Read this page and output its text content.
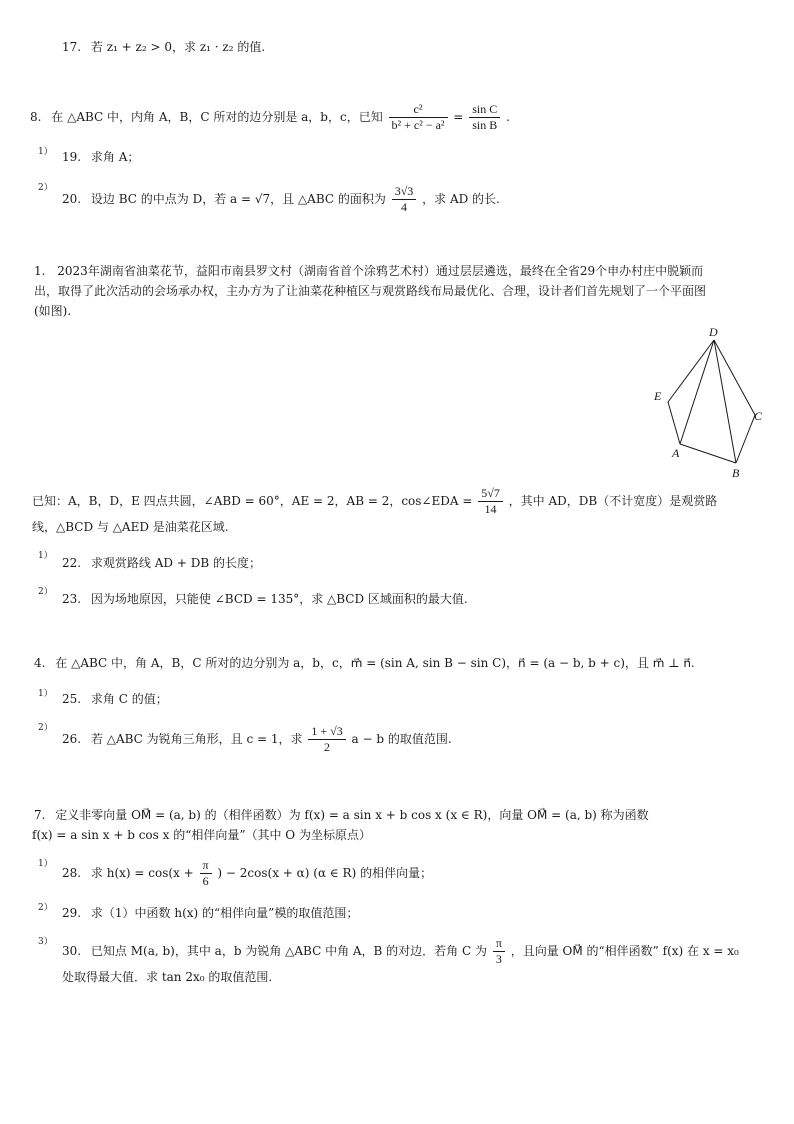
17. 若 z₁ + z₂ > 0，求 z₁ · z₂ 的值.
8. 在 △ABC 中，内角 A，B，C 所对的边分别是 a，b，c，已知 $\frac{\text{c²}}{\text{b² + c² − a²}} = \frac{\text{sin C}}{\text{sin B}}$ .
1） 19. 求角 A；
2）
20. 设边 BC 的中点为 D，若 a = √7，且 △ABC 的面积为 $\frac{3√3}{4}$ ，求 AD 的长.
1. 2023年湖南省油菜花节，益阳市南县罗文村（湖南省首个涂鸦艺术村）通过层层遴选，最终在全省29个申办村庄中脱颖而
出，取得了此次活动的会场承办权，主办方为了让油菜花种植区与观赏路线布局最优化、合理，设计者们首先规划了一个平面图
(如图).
D
E
A
B
C
已知：A，B，D，E 四点共圆，∠ABD = 60°，AE = 2，AB = 2，cos∠EDA = $\frac{5√7}{14}$ ，其中 AD，DB（不计宽度）是观赏路
线，△BCD 与 △AED 是油菜花区域.
1） 22. 求观赏路线 AD + DB 的长度；
2） 23. 因为场地原因，只能使 ∠BCD = 135°，求 △BCD 区域面积的最大值.
4. 在 △ABC 中，角 A，B，C 所对的边分别为 a，b，c，m⃗ = (sin A, sin B − sin C)，n⃗ = (a − b, b + c)，且 m⃗ ⊥ n⃗.
1） 25. 求角 C 的值；
2）
26. 若 △ABC 为锐角三角形，且 c = 1，求 $\frac{1 + √3}{2}$ a − b 的取值范围.
7. 定义非零向量 OM⃗ = (a, b) 的（相伴函数）为 f(x) = a sin x + b cos x (x ∈ R)，向量 OM⃗ = (a, b) 称为函数
f(x) = a sin x + b cos x 的“相伴向量”（其中 O 为坐标原点）
1）
28. 求 $h(x) = \cos(x + \frac{\pi}{6}$ ) − 2cos(x + α) (α ∈ R) 的相伴向量；
2） 29. 求（1）中函数 h(x) 的“相伴向量”模的取值范围；
3）
30. 已知点 M(a, b)，其中 a，b 为锐角 △ABC 中角 A，B 的对边．若角 C 为 $\frac{\pi}{3}$ ，且向量 OM⃗ 的“相伴函数” f(x) 在 x = x₀
处取得最大值．求 tan 2x₀ 的取值范围.
